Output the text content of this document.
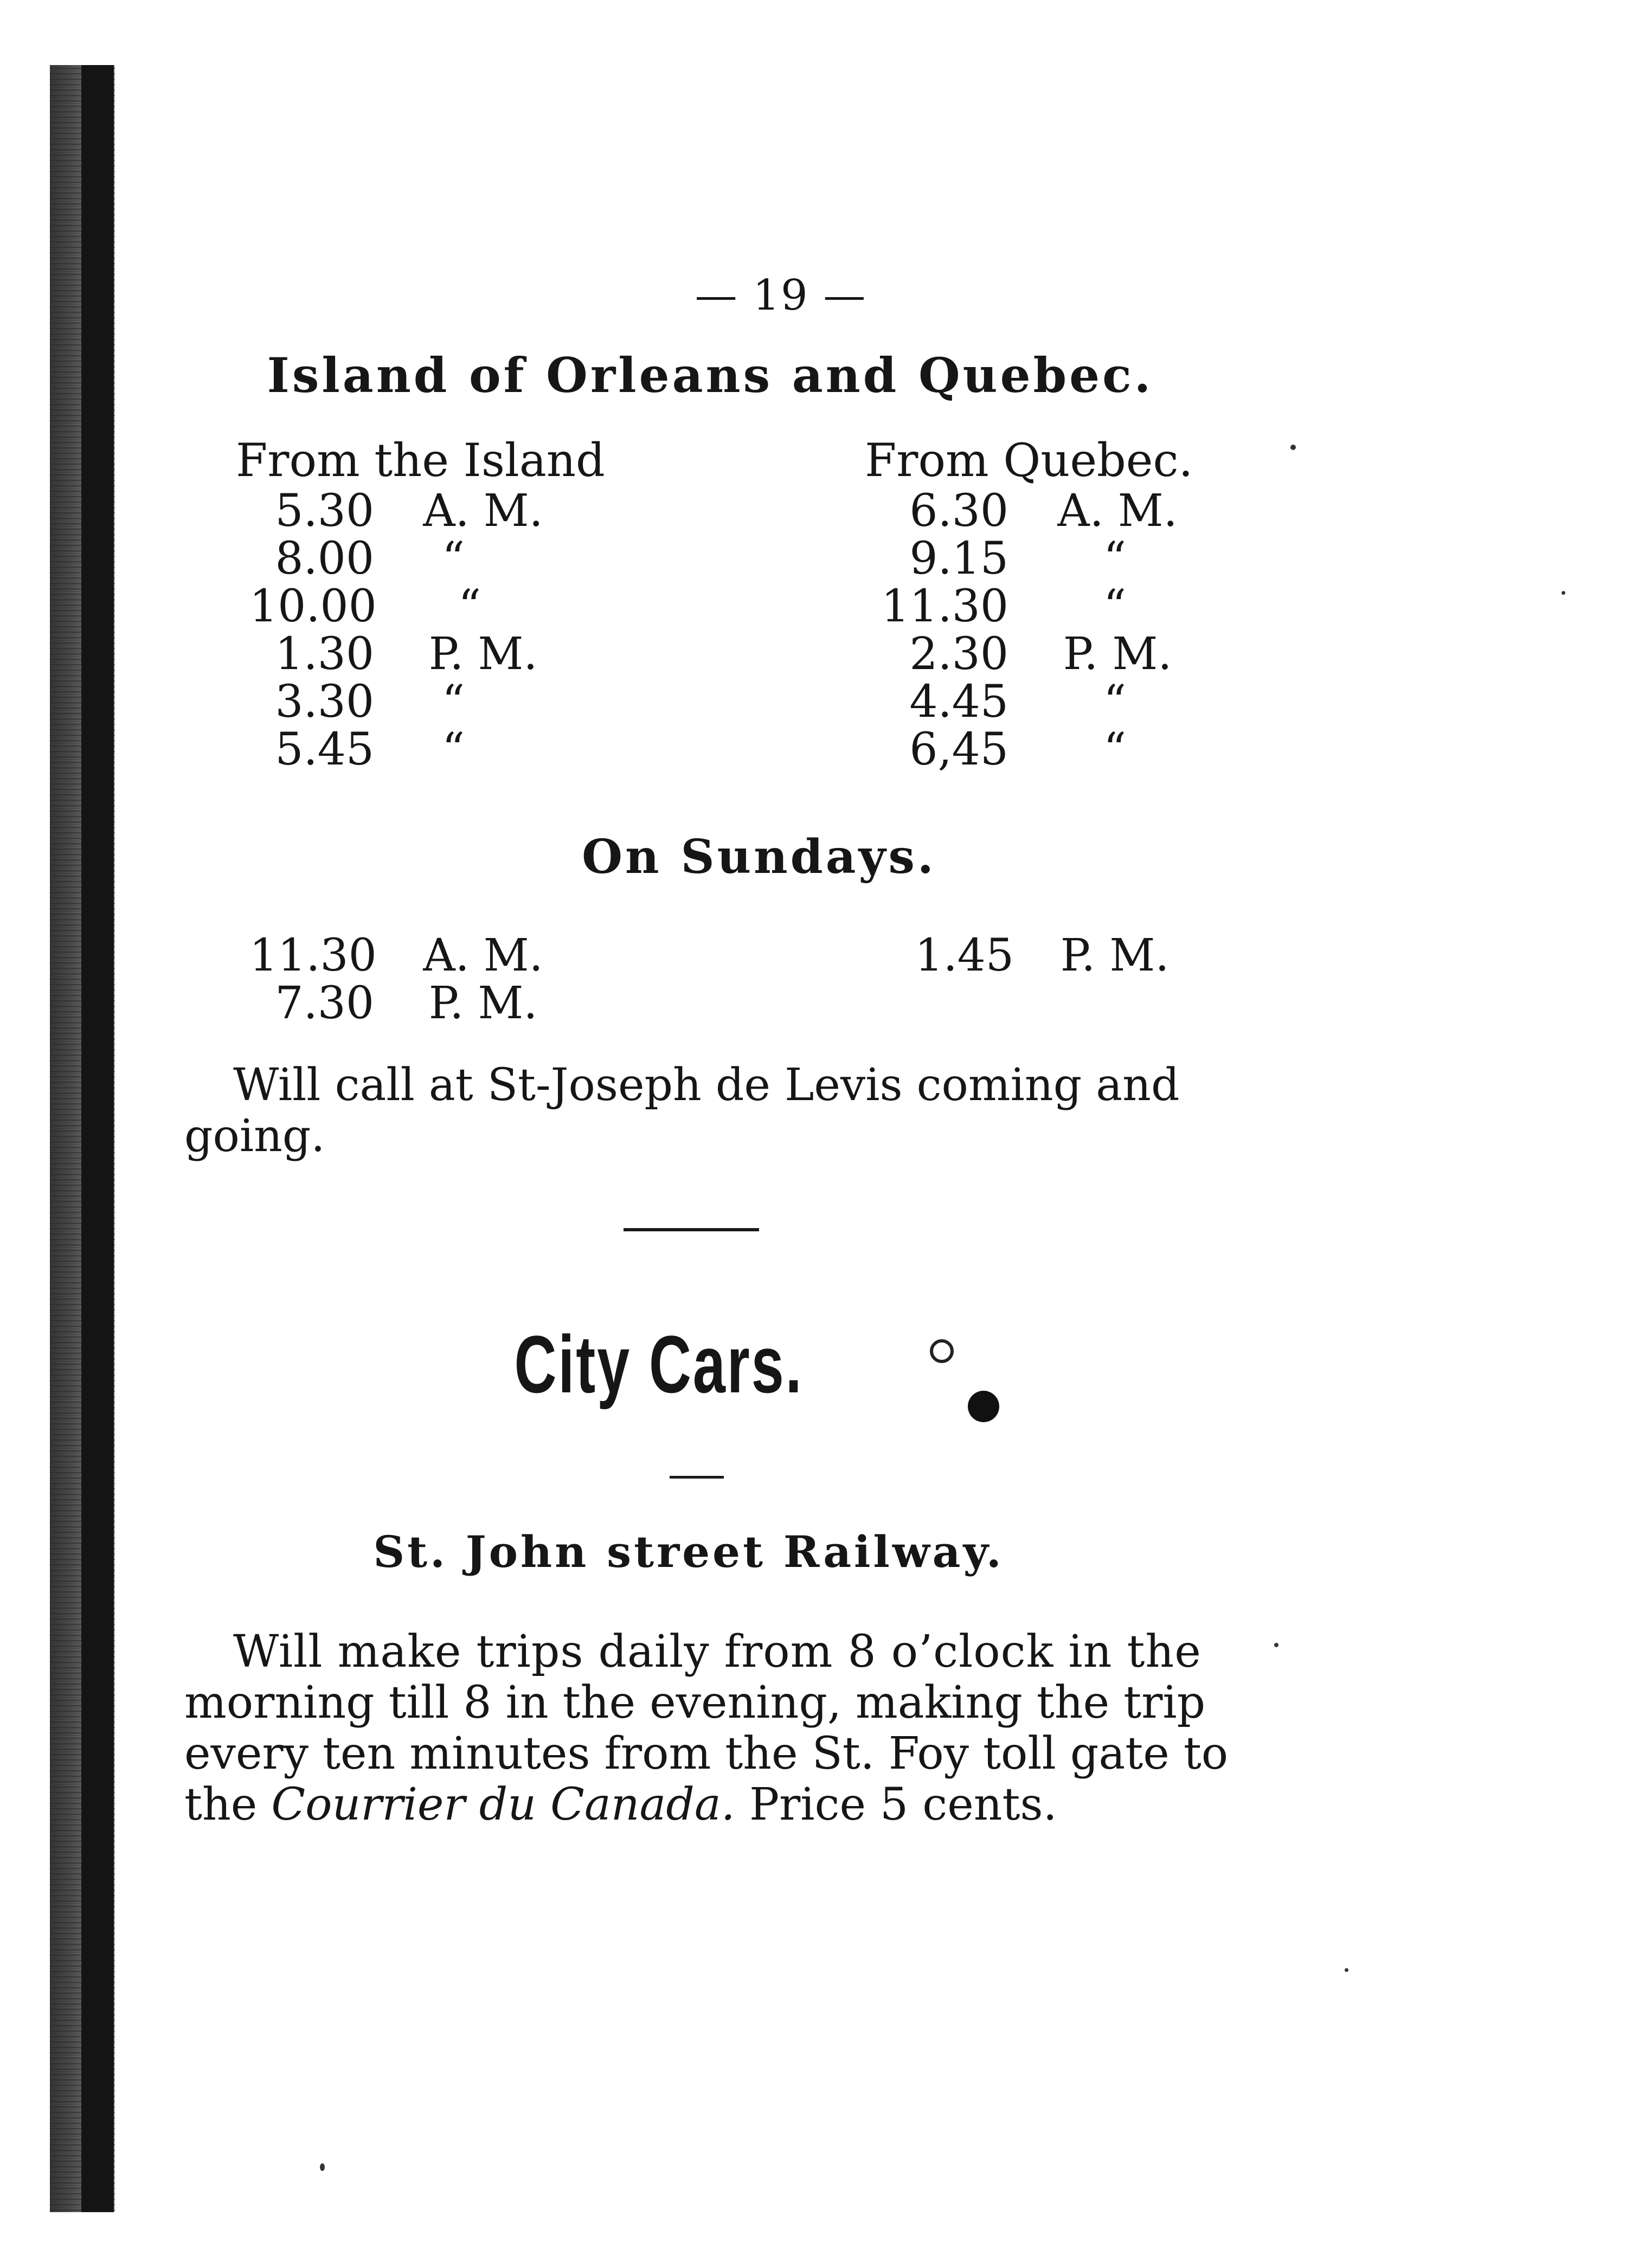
— 19 —
Island of Orleans and Quebec.
From the Island	From Quebec.
5.30 A. M.
8.00 “
10.00 “
1.30 P. M.
3.30 “
5.45 “
6.30 A. M.
9.15 “
11.30 “
2.30 P. M.
4.45 “
6,45 “
On Sundays.
11.30 A. M.
7.30 P. M.
1.45 P. M.
Will call at St-Joseph de Levis coming and
going.
City Cars.
St. John street Railway.
Will make trips daily from 8 o’clock in the
morning till 8 in the evening, making the trip
every ten minutes from the St. Foy toll gate to
the Courrier du Canada. Price 5 cents.
